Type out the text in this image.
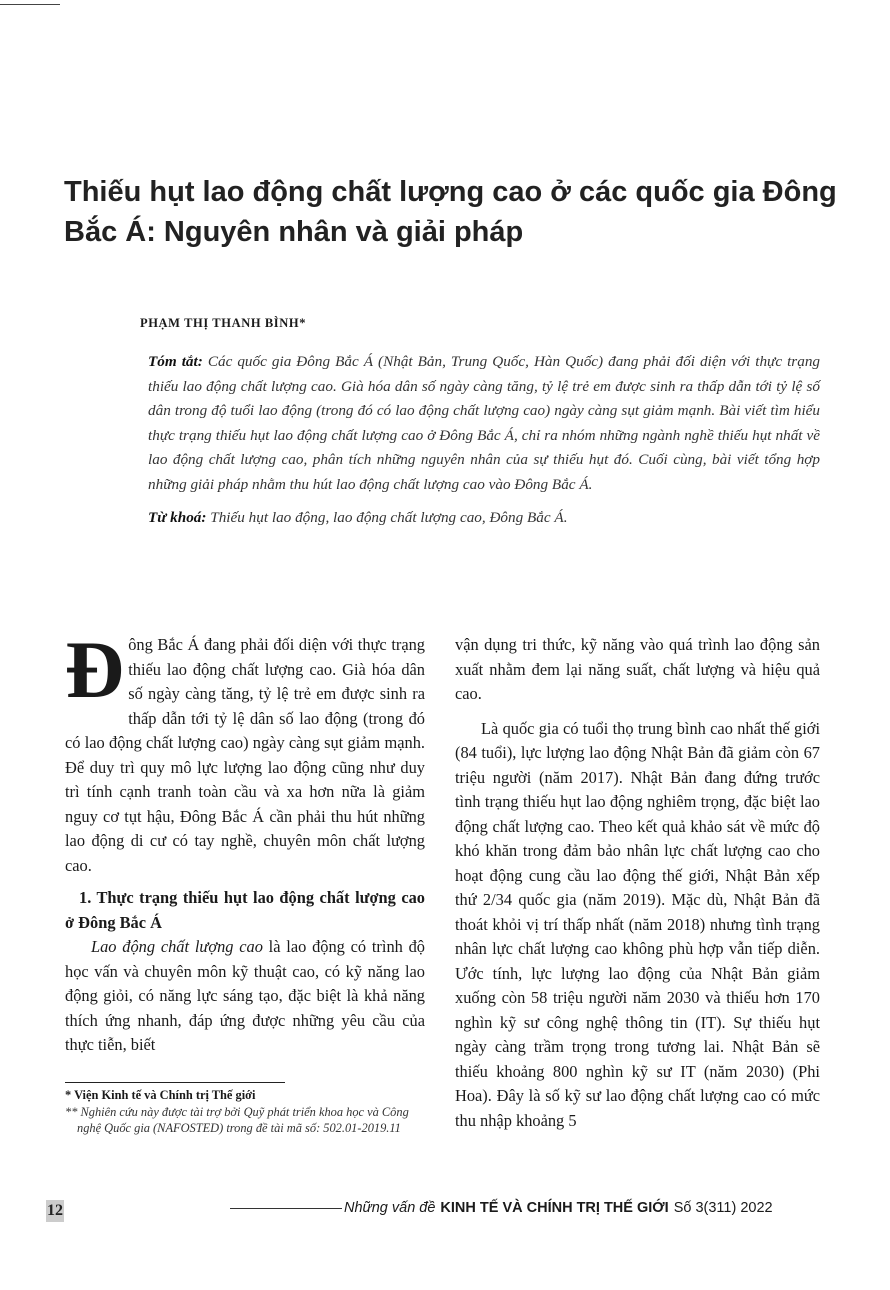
Thiếu hụt lao động chất lượng cao ở các quốc gia Đông Bắc Á: Nguyên nhân và giải pháp
PHẠM THỊ THANH BÌNH*

Tóm tắt: Các quốc gia Đông Bắc Á (Nhật Bản, Trung Quốc, Hàn Quốc) đang phải đối diện với thực trạng thiếu lao động chất lượng cao. Già hóa dân số ngày càng tăng, tỷ lệ trẻ em được sinh ra thấp dẫn tới tỷ lệ số dân trong độ tuổi lao động (trong đó có lao động chất lượng cao) ngày càng sụt giảm mạnh. Bài viết tìm hiểu thực trạng thiếu hụt lao động chất lượng cao ở Đông Bắc Á, chỉ ra nhóm những ngành nghề thiếu hụt nhất về lao động chất lượng cao, phân tích những nguyên nhân của sự thiếu hụt đó. Cuối cùng, bài viết tổng hợp những giải pháp nhằm thu hút lao động chất lượng cao vào Đông Bắc Á.

Từ khoá: Thiếu hụt lao động, lao động chất lượng cao, Đông Bắc Á.

Đông Bắc Á đang phải đối diện với thực trạng thiếu lao động chất lượng cao. Già hóa dân số ngày càng tăng, tỷ lệ trẻ em được sinh ra thấp dẫn tới tỷ lệ dân số lao động (trong đó có lao động chất lượng cao) ngày càng sụt giảm mạnh. Để duy trì quy mô lực lượng lao động cũng như duy trì tính cạnh tranh toàn cầu và xa hơn nữa là giảm nguy cơ tụt hậu, Đông Bắc Á cần phải thu hút những lao động di cư có tay nghề, chuyên môn chất lượng cao.

1. Thực trạng thiếu hụt lao động chất lượng cao ở Đông Bắc Á

Lao động chất lượng cao là lao động có trình độ học vấn và chuyên môn kỹ thuật cao, có kỹ năng lao động giỏi, có năng lực sáng tạo, đặc biệt là khả năng thích ứng nhanh, đáp ứng được những yêu cầu của thực tiễn, biết

vận dụng tri thức, kỹ năng vào quá trình lao động sản xuất nhằm đem lại năng suất, chất lượng và hiệu quả cao.

Là quốc gia có tuổi thọ trung bình cao nhất thế giới (84 tuổi), lực lượng lao động Nhật Bản đã giảm còn 67 triệu người (năm 2017). Nhật Bản đang đứng trước tình trạng thiếu hụt lao động nghiêm trọng, đặc biệt lao động chất lượng cao. Theo kết quả khảo sát về mức độ khó khăn trong đảm bảo nhân lực chất lượng cao cho hoạt động cung cầu lao động thế giới, Nhật Bản xếp thứ 2/34 quốc gia (năm 2019). Mặc dù, Nhật Bản đã thoát khỏi vị trí thấp nhất (năm 2018) nhưng tình trạng nhân lực chất lượng cao không phù hợp vẫn tiếp diễn. Ước tính, lực lượng lao động của Nhật Bản giảm xuống còn 58 triệu người năm 2030 và thiếu hơn 170 nghìn kỹ sư công nghệ thông tin (IT). Sự thiếu hụt ngày càng trầm trọng trong tương lai. Nhật Bản sẽ thiếu khoảng 800 nghìn kỹ sư IT (năm 2030) (Phi Hoa). Đây là số kỹ sư lao động chất lượng cao có mức thu nhập khoảng 5

* Viện Kinh tế và Chính trị Thế giới

** Nghiên cứu này được tài trợ bởi Quỹ phát triển khoa học và Công nghệ Quốc gia (NAFOSTED) trong đề tài mã số: 502.01-2019.11

12	Những vấn đề KINH TẾ VÀ CHÍNH TRỊ THẾ GIỚI Số 3(311) 2022
